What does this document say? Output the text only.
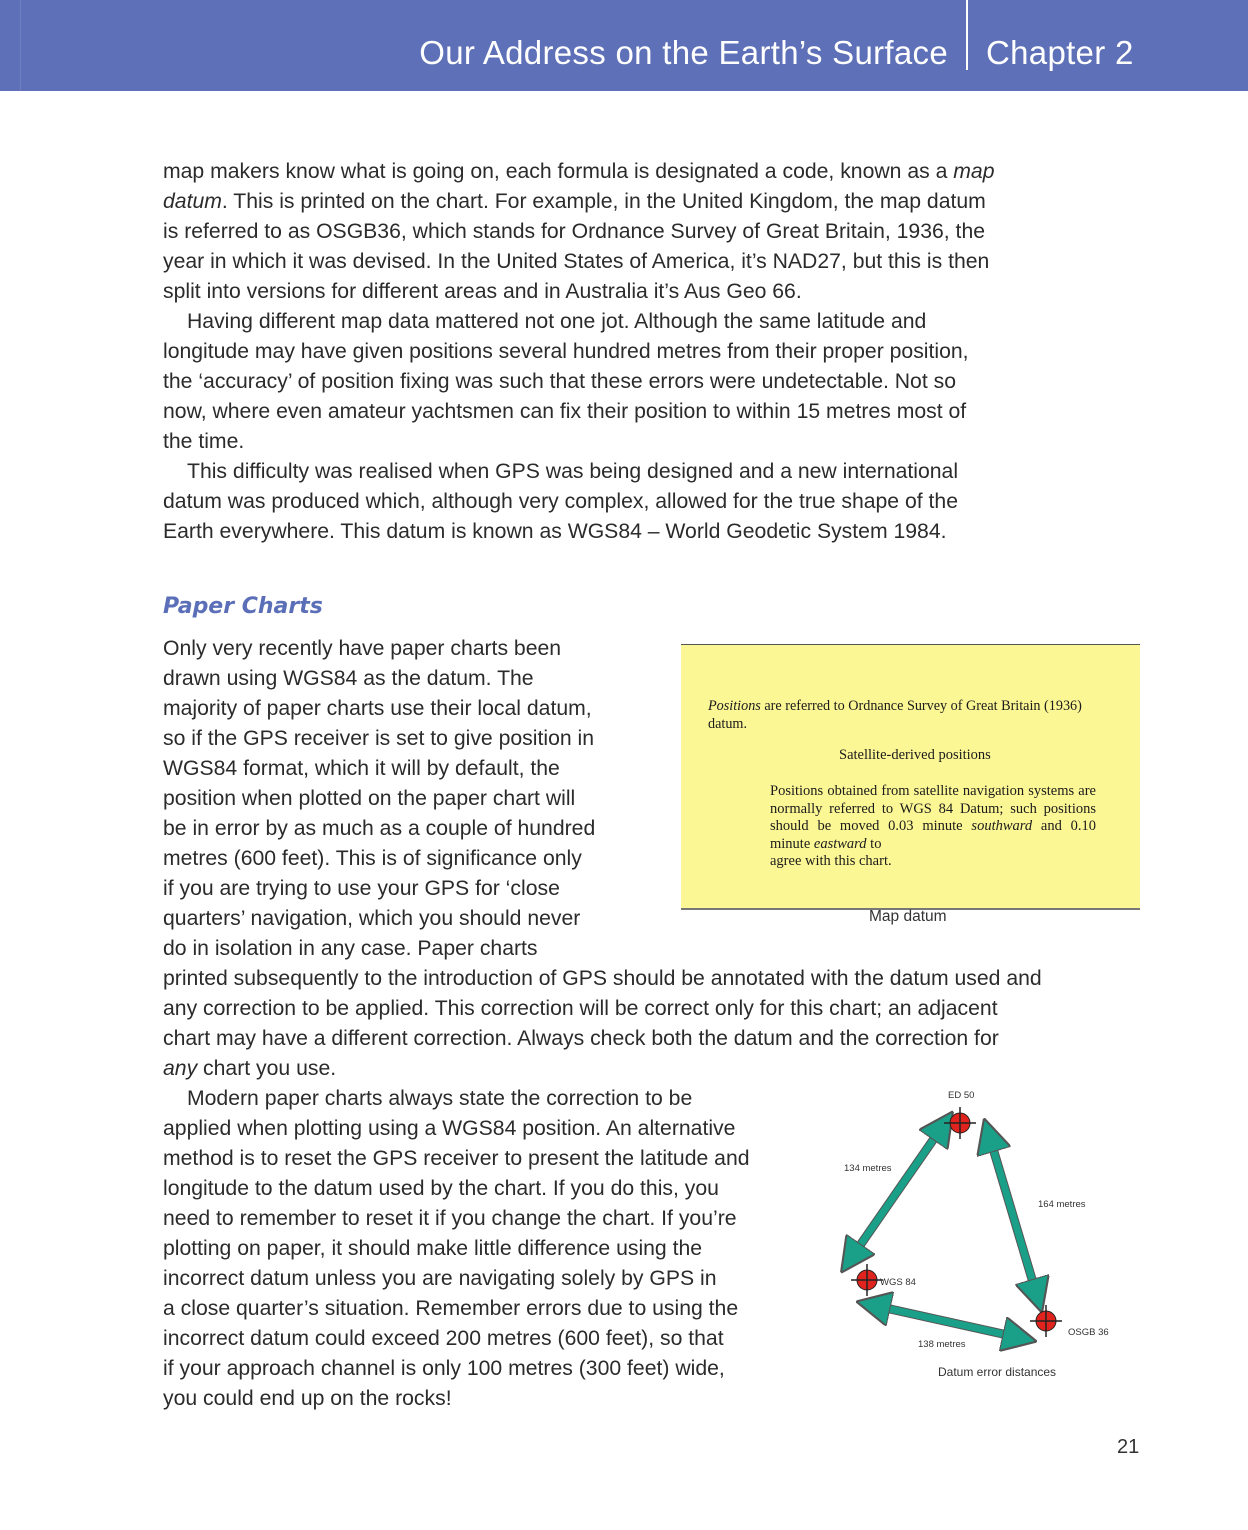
Our Address on the Earth’s Surface Chapter 2

map makers know what is going on, each formula is designated a code, known as a map

datum. This is printed on the chart. For example, in the United Kingdom, the map datum

is referred to as OSGB36, which stands for Ordnance Survey of Great Britain, 1936, the

year in which it was devised. In the United States of America, it’s NAD27, but this is then

split into versions for different areas and in Australia it’s Aus Geo 66.

Having different map data mattered not one jot. Although the same latitude and

longitude may have given positions several hundred metres from their proper position,

the ‘accuracy’ of position fixing was such that these errors were undetectable. Not so

now, where even amateur yachtsmen can fix their position to within 15 metres most of

the time.

This difficulty was realised when GPS was being designed and a new international

datum was produced which, although very complex, allowed for the true shape of the

Earth everywhere. This datum is known as WGS84 – World Geodetic System 1984.

Paper Charts

Only very recently have paper charts been

drawn using WGS84 as the datum. The

majority of paper charts use their local datum,

so if the GPS receiver is set to give position in

WGS84 format, which it will by default, the

position when plotted on the paper chart will

be in error by as much as a couple of hundred

metres (600 feet). This is of significance only

if you are trying to use your GPS for ‘close

quarters’ navigation, which you should never

do in isolation in any case. Paper charts

printed subsequently to the introduction of GPS should be annotated with the datum used and

any correction to be applied. This correction will be correct only for this chart; an adjacent

chart may have a different correction. Always check both the datum and the correction for

any chart you use.

Modern paper charts always state the correction to be

applied when plotting using a WGS84 position. An alternative

method is to reset the GPS receiver to present the latitude and

longitude to the datum used by the chart. If you do this, you

need to remember to reset it if you change the chart. If you’re

plotting on paper, it should make little difference using the

incorrect datum unless you are navigating solely by GPS in

a close quarter’s situation. Remember errors due to using the

incorrect datum could exceed 200 metres (600 feet), so that

if your approach channel is only 100 metres (300 feet) wide,

you could end up on the rocks!

Positions are referred to Ordnance Survey of Great Britain (1936)
datum.
Satellite-derived positions
Positions obtained from satellite navigation systems are normally referred to WGS 84 Datum; such positions should be moved 0.03 minute southward and 0.10 minute eastward to
agree with this chart.
Map datum
ED 50
134 metres
164 metres
WGS 84
OSGB 36
138 metres
Datum error distances
21
